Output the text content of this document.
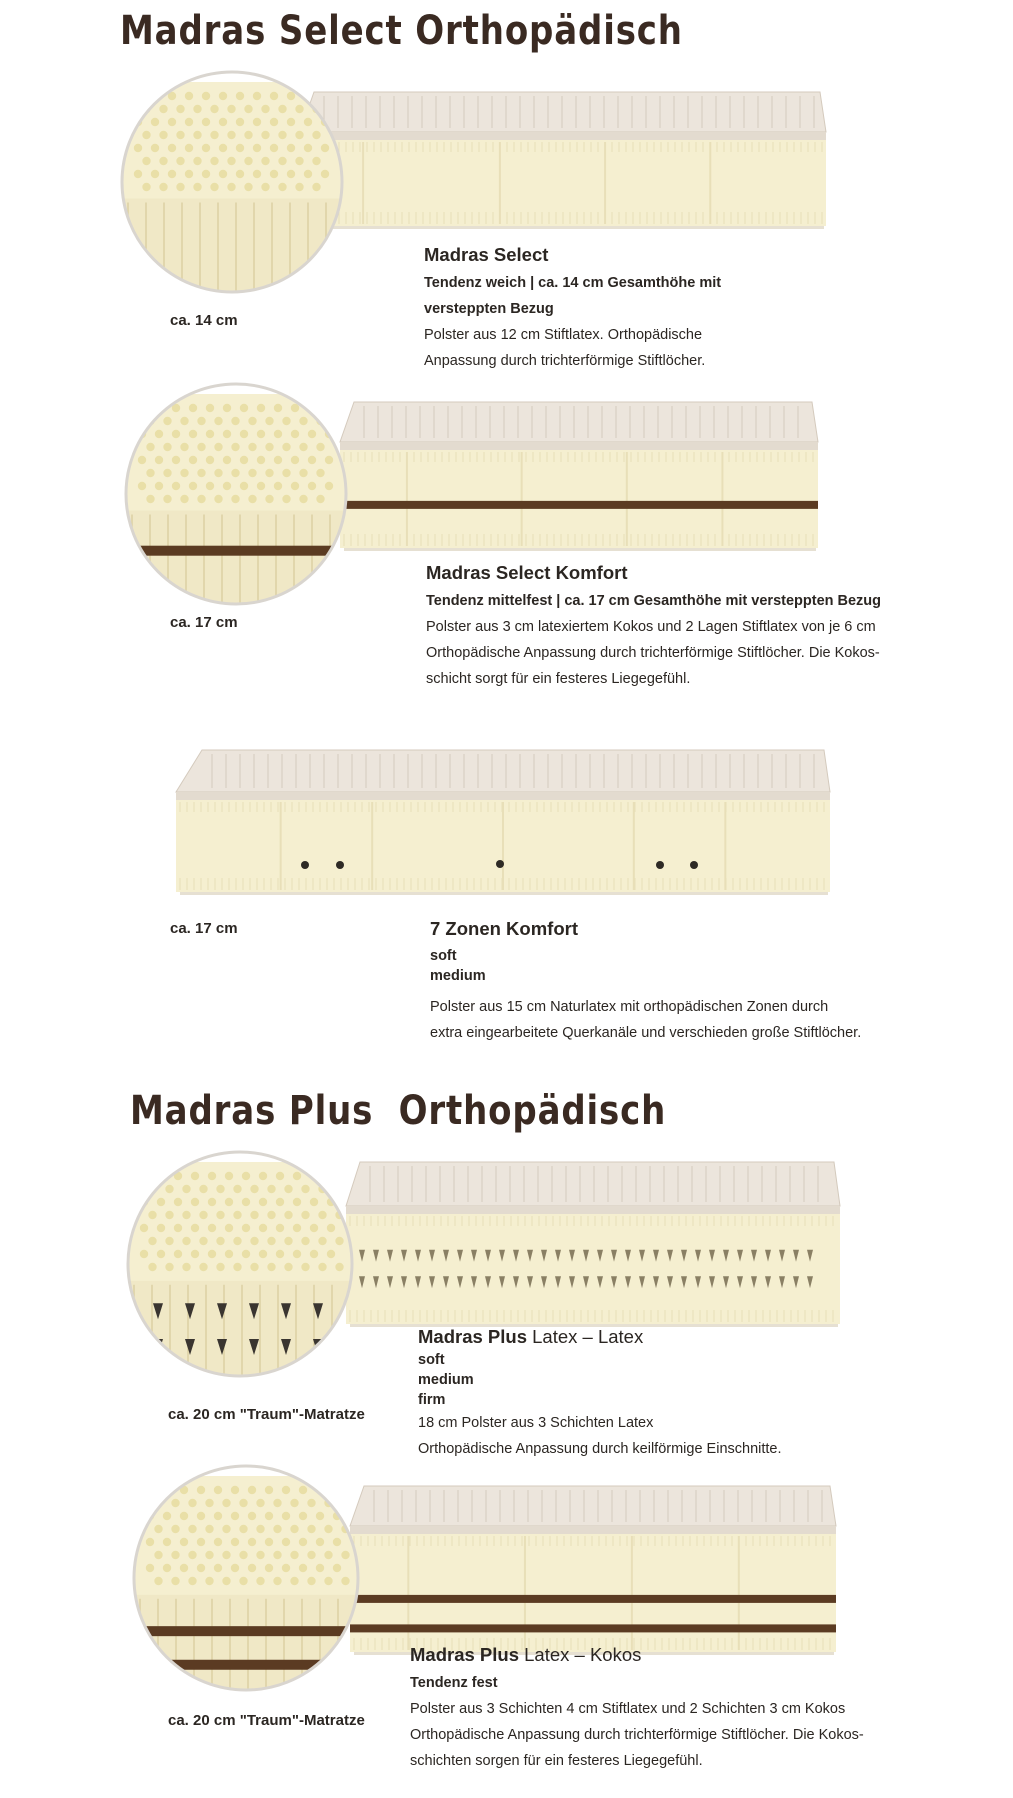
Madras Select Orthopädisch
Madras Plus  Orthopädisch
ca. 14 cm
Madras Select
Tendenz weich | ca. 14 cm Gesamthöhe mit
versteppten Bezug
Polster aus 12 cm Stiftlatex. Orthopädische
Anpassung durch trichterförmige Stiftlöcher.
ca. 17 cm
Madras Select Komfort
Tendenz mittelfest | ca. 17 cm Gesamthöhe mit versteppten Bezug
Polster aus 3 cm latexiertem Kokos und 2 Lagen Stiftlatex von je 6 cm
Orthopädische Anpassung durch trichterförmige Stiftlöcher. Die Kokos-
schicht sorgt für ein festeres Liegegefühl.
ca. 17 cm	7 Zonen Komfort
soft
medium
Polster aus 15 cm Naturlatex mit orthopädischen Zonen durch
extra eingearbeitete Querkanäle und verschieden große Stiftlöcher.
ca. 20 cm "Traum"-Matratze
Madras Plus Latex – Latex
soft
medium
firm
18 cm Polster aus 3 Schichten Latex
Orthopädische Anpassung durch keilförmige Einschnitte.
ca. 20 cm "Traum"-Matratze
Madras Plus Latex – Kokos
Tendenz fest
Polster aus 3 Schichten 4 cm Stiftlatex und 2 Schichten 3 cm Kokos
Orthopädische Anpassung durch trichterförmige Stiftlöcher. Die Kokos-
schichten sorgen für ein festeres Liegegefühl.
